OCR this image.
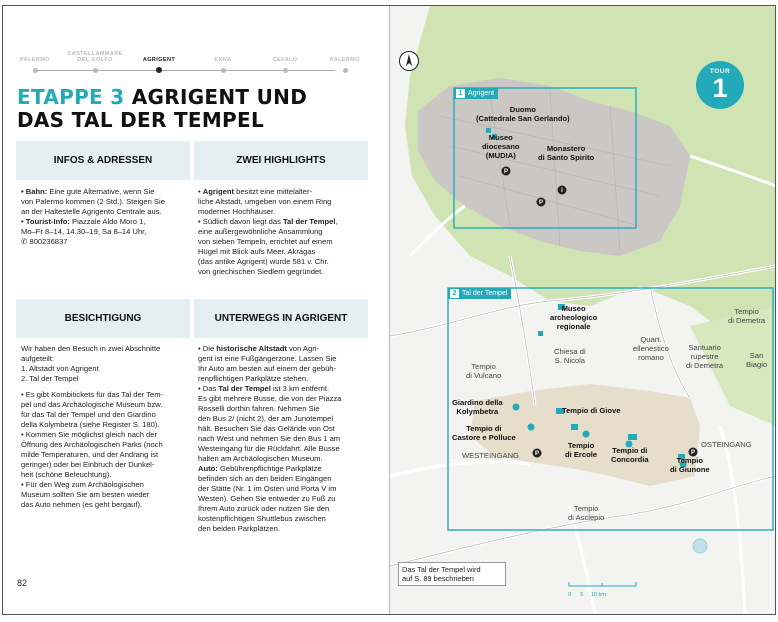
PALERMO
CASTELLAMMARE DEL GOLFO	AGRIGENT	ENNA	CEFALÙ	PALERMO
ETAPPE 3 AGRIGENT UND
DAS TAL DER TEMPEL
INFOS & ADRESSEN

• Bahn: Eine gute Alternative, wenn Sie

von Palermo kommen (2 Std.). Steigen Sie

an der Haltestelle Agrigento Centrale aus.

• Tourist-Info: Piazzale Aldo Moro 1,

Mo–Fr 8–14, 14.30–19, Sa 8–14 Uhr,

✆ 800236837

ZWEI HIGHLIGHTS

• Agrigent besitzt eine mittelalter-

liche Altstadt, umgeben von einem Ring

moderner Hochhäuser.

• Südlich davon liegt das Tal der Tempel,

eine außergewöhnliche Ansammlung

von sieben Tempeln, errichtet auf einem

Hügel mit Blick aufs Meer. Akrágas

(das antike Agrigent) wurde 581 v. Chr.

von griechischen Siedlern gegründet.

BESICHTIGUNG

Wir haben den Besuch in zwei Abschnitte

aufgeteilt:

1. Altstadt von Agrigent

2. Tal der Tempel

• Es gibt Kombitickets für das Tal der Tem-

pel und das Archäologische Museum bzw.

für das Tal der Tempel und den Giardino

della Kolymbetra (siehe Register S. 180).

• Kommen Sie möglichst gleich nach der

Öffnung des Archäologischen Parks (noch

milde Temperaturen, und der Andrang ist

geringer) oder bei Einbruch der Dunkel-

heit (schöne Beleuchtung).

• Für den Weg zum Archäologischen

Museum sollten Sie am besten wieder

das Auto nehmen (es geht bergauf).

UNTERWEGS IN AGRIGENT

• Die historische Altstadt von Agri-

gent ist eine Fußgängerzone. Lassen Sie

Ihr Auto am besten auf einem der gebüh-

renpflichtigen Parkplätze stehen.

• Das Tal der Tempel ist 3 km entfernt.

Es gibt mehrere Busse, die von der Piazza

Rosselli dorthin fahren. Nehmen Sie

den Bus 2/ (nicht 2), der am Junotempel

hält. Besuchen Sie das Gelände von Ost

nach West und nehmen Sie den Bus 1 am

Westeingang für die Rückfahrt. Alle Busse

halten am Archäologischen Museum.

Auto: Gebührenpflichtige Parkplätze

befinden sich an den beiden Eingängen

der Stätte (Nr. 1 im Osten und Porta V im

Westen). Gehen Sie entweder zu Fuß zu

Ihrem Auto zurück oder nutzen Sie den

kostenpflichtigen Shuttlebus zwischen

den beiden Parkplätzen.

82
P
P
P	P
i
TOUR
1
1 Agrigent
2 Tal der Tempel
Duomo
(Cattedrale San Gerlando)
Museo
diocesano
(MUDIA)
Monastero
di Santo Spirito
Museo
archeologico
regionale
Tempio
di Demetra
Chiesa di
S. Nicola
Quart.
ellenestico
romano
Santuario
rupestre
di Demetra
San
Biagio
Tempio
di Vulcano
Giardino della
Kolymbetra	Tempio di Giove
Tempio di
Castore e Polluce
Tempio
di Ercole Tempio di
Concordia
OSTEINGANG
WESTEINGANG
Tempio
di Giunone
Tempio
di Asclepio
Das Tal der Tempel wird
auf S. 89 beschrieben
0      5     10 km
